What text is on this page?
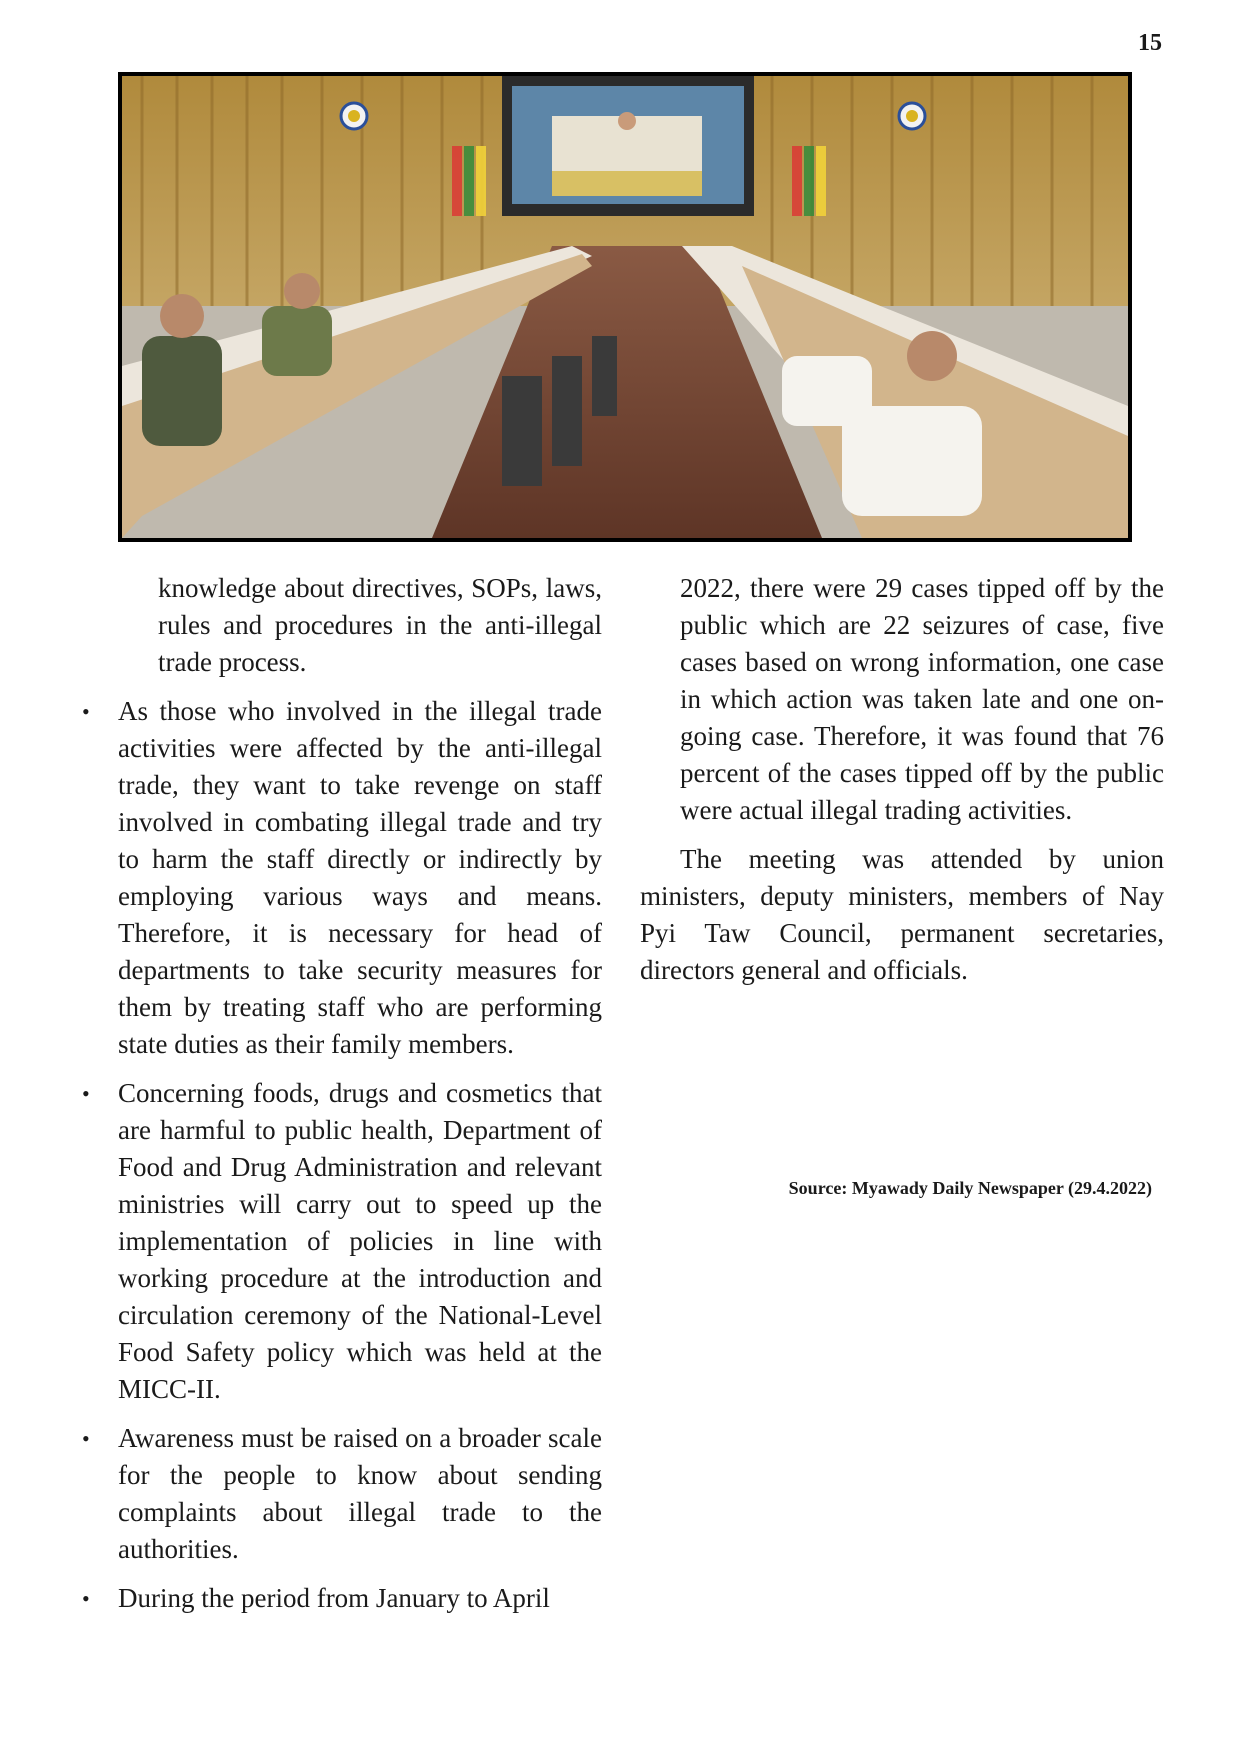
15

knowledge about directives, SOPs, laws, rules and procedures in the anti-illegal trade process.

• As those who involved in the illegal trade activities were affected by the anti-illegal trade, they want to take revenge on staff involved in combating illegal trade and try to harm the staff directly or indirectly by employing various ways and means. Therefore, it is necessary for head of departments to take security measures for them by treating staff who are performing state duties as their family members.
• Concerning foods, drugs and cosmetics that are harmful to public health, Department of Food and Drug Administration and relevant ministries will carry out to speed up the implementation of policies in line with working procedure at the introduction and circulation ceremony of the National-Level Food Safety policy which was held at the MICC-II.
• Awareness must be raised on a broader scale for the people to know about sending complaints about illegal trade to the authorities.
• During the period from January to April

2022, there were 29 cases tipped off by the public which are 22 seizures of case, five cases based on wrong information, one case in which action was taken late and one on-going case. Therefore, it was found that 76 percent of the cases tipped off by the public were actual illegal trading activities.

The meeting was attended by union ministers, deputy ministers, members of Nay Pyi Taw Council, permanent secretaries, directors general and officials.

Source: Myawady Daily Newspaper (29.4.2022)
